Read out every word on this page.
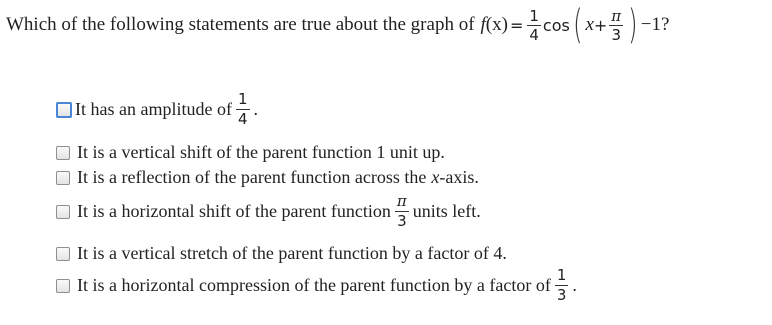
Which of the following statements are true about the graph of f $(x) = \frac{1}{4}$ cos ( $x + \frac{\pi}{3}$ ) −1?
It has an amplitude of $\frac{1}{4}$ .
It is a vertical shift of the parent function 1 unit up.
It is a reflection of the parent function across the x -axis.
It is a horizontal shift of the parent function $\frac{\pi}{3}$ units left.
It is a vertical stretch of the parent function by a factor of 4.
It is a horizontal compression of the parent function by a factor of $\frac{1}{3}$ .
